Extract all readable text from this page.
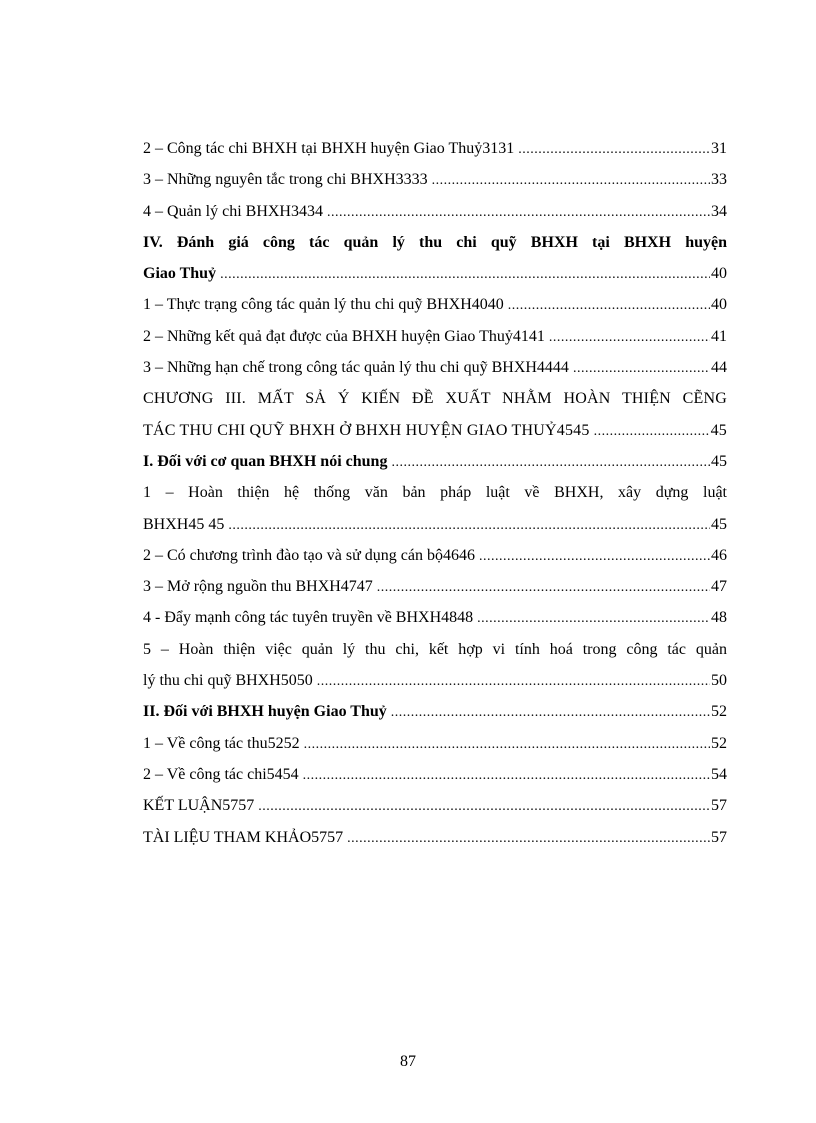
2 – Công tác chi BHXH tại BHXH huyện Giao Thuỷ3131 .....	31
3 – Những nguyên tắc trong chi BHXH3333 .....	33
4 – Quản lý chi BHXH3434 .....	34
IV. Đánh giá công tác quản lý thu chi quỹ BHXH tại BHXH huyện
Giao Thuỷ .....	40
1 – Thực trạng công tác quản lý thu chi quỹ BHXH4040 .....	40
2 – Những kết quả đạt được của BHXH huyện Giao Thuỷ4141 .....	41
3 – Những hạn chế trong công tác quản lý thu chi quỹ BHXH4444 .....	44
CHƯƠNG III. MẤT SẢ Ý KIẾN ĐỀ XUẤT NHẰM HOÀN THIỆN CẼNG
TÁC THU CHI QUỸ BHXH Ở BHXH HUYỆN GIAO THUỶ4545 .....	45
I. Đối với cơ quan BHXH nói chung .....	45
1 – Hoàn thiện hệ thống văn bản pháp luật về BHXH, xây dựng luật
BHXH45 45 .....	45
2 – Có chương trình đào tạo và sử dụng cán bộ4646 .....	46
3 – Mở rộng nguồn thu BHXH4747 .....	47
4 - Đẩy mạnh công tác tuyên truyền về BHXH4848 .....	48
5 – Hoàn thiện việc quản lý thu chi, kết hợp vi tính hoá trong công tác quản
lý thu chi quỹ BHXH5050 .....	50
II. Đối với BHXH huyện Giao Thuỷ .....	52
1 – Về công tác thu5252 .....	52
2 – Về công tác chi5454 .....	54
KẾT LUẬN5757 .....	57
TÀI LIỆU THAM KHẢO5757 .....	57
87
